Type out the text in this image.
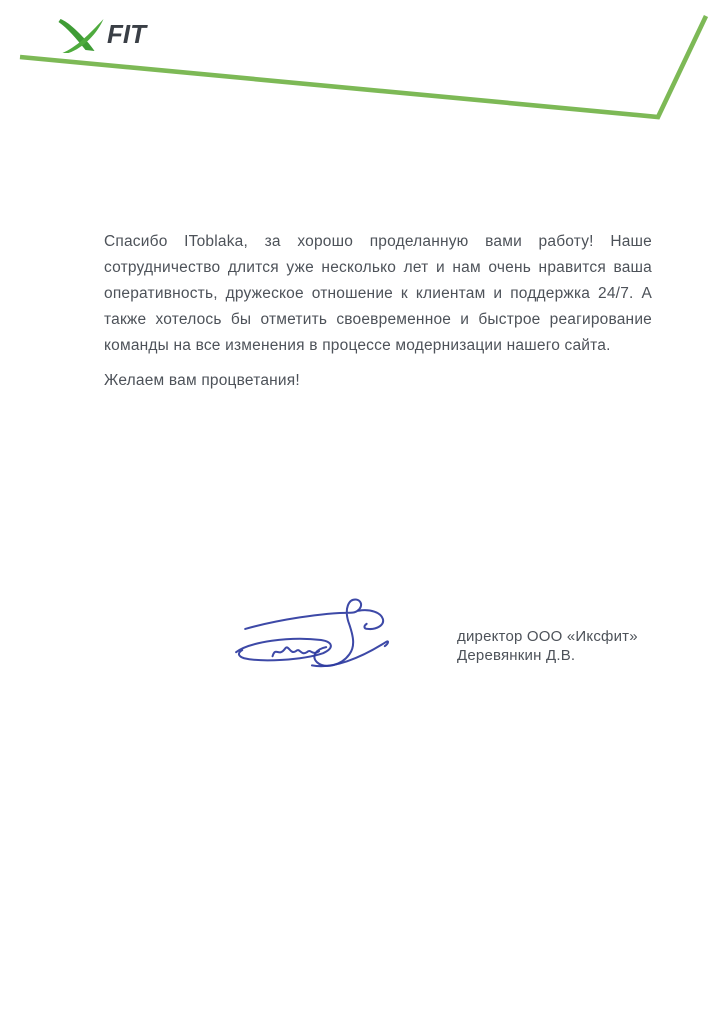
FIT

Спасибо IToblaka, за хорошо проделанную вами работу! Наше сотрудничество длится уже несколько лет и нам очень нравится ваша оперативность, дружеское отношение к клиентам и поддержка 24/7. А также хотелось бы отметить своевременное и быстрое реагирование команды на все изменения в процессе модернизации нашего сайта.

Желаем вам процветания!

директор ООО «Иксфит»
Деревянкин Д.В.
